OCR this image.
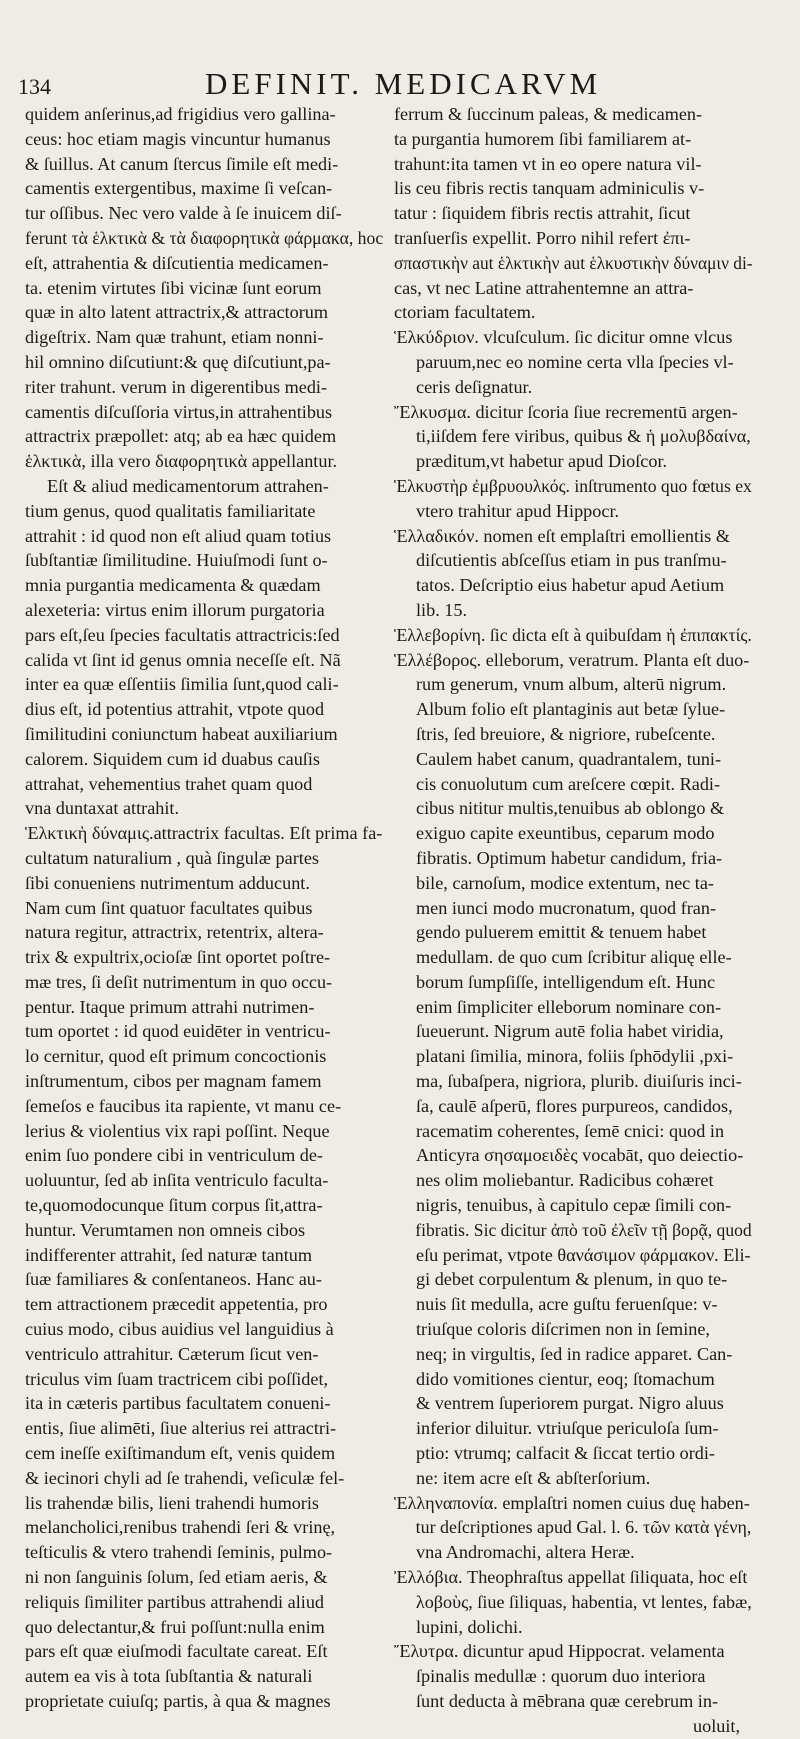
134	DEFINIT. MEDICARVM
quidem anſerinus,ad frigidius vero gallina-
ceus: hoc etiam magis vincuntur humanus
& ſuillus. At canum ſtercus ſimile eſt medi-
camentis extergentibus, maxime ſi veſcan-
tur oſſibus. Nec vero valde à ſe inuicem diſ-
ferunt τὰ ἑλκτικὰ & τὰ διαφορητικὰ φάρμακα, hoc
eſt, attrahentia & diſcutientia medicamen-
ta. etenim virtutes ſibi vicinæ ſunt eorum
quæ in alto latent attractrix,& attractorum
digeſtrix. Nam quæ trahunt, etiam nonni-
hil omnino diſcutiunt:& quę diſcutiunt,pa-
riter trahunt. verum in digerentibus medi-
camentis diſcuſſoria virtus,in attrahentibus
attractrix præpollet: atq; ab ea hæc quidem
ἑλκτικὰ, illa vero διαφορητικὰ appellantur.
Eſt & aliud medicamentorum attrahen-
tium genus, quod qualitatis familiaritate
attrahit : id quod non eſt aliud quam totius
ſubſtantiæ ſimilitudine. Huiuſmodi ſunt o-
mnia purgantia medicamenta & quædam
alexeteria: virtus enim illorum purgatoria
pars eſt,ſeu ſpecies facultatis attractricis:ſed
calida vt ſint id genus omnia neceſſe eſt. Nã
inter ea quæ eſſentiis ſimilia ſunt,quod cali-
dius eſt, id potentius attrahit, vtpote quod
ſimilitudini coniunctum habeat auxiliarium
calorem. Siquidem cum id duabus cauſis
attrahat, vehementius trahet quam quod
vna duntaxat attrahit.
Ἑλκτικὴ δύναμις.attractrix facultas. Eſt prima fa-
cultatum naturalium , quà ſingulæ partes
ſibi conueniens nutrimentum adducunt.
Nam cum ſint quatuor facultates quibus
natura regitur, attractrix, retentrix, altera-
trix & expultrix,ocioſæ ſint oportet poſtre-
mæ tres, ſi deſit nutrimentum in quo occu-
pentur. Itaque primum attrahi nutrimen-
tum oportet : id quod euidēter in ventricu-
lo cernitur, quod eſt primum concoctionis
inſtrumentum, cibos per magnam famem
ſemeſos e faucibus ita rapiente, vt manu ce-
lerius & violentius vix rapi poſſint. Neque
enim ſuo pondere cibi in ventriculum de-
uoluuntur, ſed ab inſita ventriculo faculta-
te,quomodocunque ſitum corpus ſit,attra-
huntur. Verumtamen non omneis cibos
indifferenter attrahit, ſed naturæ tantum
ſuæ familiares & conſentaneos. Hanc au-
tem attractionem præcedit appetentia, pro
cuius modo, cibus auidius vel languidius à
ventriculo attrahitur. Cæterum ſicut ven-
triculus vim ſuam tractricem cibi poſſidet,
ita in cæteris partibus facultatem conueni-
entis, ſiue alimēti, ſiue alterius rei attractri-
cem ineſſe exiſtimandum eſt, venis quidem
& iecinori chyli ad ſe trahendi, veſiculæ fel-
lis trahendæ bilis, lieni trahendi humoris
melancholici,renibus trahendi ſeri & vrinę,
teſticulis & vtero trahendi ſeminis, pulmo-
ni non ſanguinis ſolum, ſed etiam aeris, &
reliquis ſimiliter partibus attrahendi aliud
quo delectantur,& frui poſſunt:nulla enim
pars eſt quæ eiuſmodi facultate careat. Eſt
autem ea vis à tota ſubſtantia & naturali
proprietate cuiuſq; partis, à qua & magnes
ferrum & ſuccinum paleas, & medicamen-
ta purgantia humorem ſibi familiarem at-
trahunt:ita tamen vt in eo opere natura vil-
lis ceu fibris rectis tanquam adminiculis v-
tatur : ſiquidem fibris rectis attrahit, ſicut
tranſuerſis expellit. Porro nihil refert ἐπι-
σπαστικὴν aut ἑλκτικὴν aut ἑλκυστικὴν δύναμιν di-
cas, vt nec Latine attrahentemne an attra-
ctoriam facultatem.
Ἑλκύδριον. vlcuſculum. ſic dicitur omne vlcus
paruum,nec eo nomine certa vlla ſpecies vl-
ceris deſignatur.
Ἔλκυσμα. dicitur ſcoria ſiue recrementū argen-
ti,iiſdem fere viribus, quibus & ἡ μολυβδαίνα,
præditum,vt habetur apud Dioſcor.
Ἑλκυστὴρ ἐμβρυουλκός. inſtrumento quo fœtus ex
vtero trahitur apud Hippocr.
Ἑλλαδικόν. nomen eſt emplaſtri emollientis &
diſcutientis abſceſſus etiam in pus tranſmu-
tatos. Deſcriptio eius habetur apud Aetium
lib. 15.
Ἑλλεβορίνη. ſic dicta eſt à quibuſdam ἡ ἐπιπακτίς.
Ἑλλέβορος. elleborum, veratrum. Planta eſt duo-
rum generum, vnum album, alterū nigrum.
Album folio eſt plantaginis aut betæ ſylue-
ſtris, ſed breuiore, & nigriore, rubeſcente.
Caulem habet canum, quadrantalem, tuni-
cis conuolutum cum areſcere cœpit. Radi-
cibus nititur multis,tenuibus ab oblongo &
exiguo capite exeuntibus, ceparum modo
fibratis. Optimum habetur candidum, fria-
bile, carnoſum, modice extentum, nec ta-
men iunci modo mucronatum, quod fran-
gendo puluerem emittit & tenuem habet
medullam. de quo cum ſcribitur aliquę elle-
borum ſumpſiſſe, intelligendum eſt. Hunc
enim ſimpliciter elleborum nominare con-
ſueuerunt. Nigrum autē folia habet viridia,
platani ſimilia, minora, foliis ſphōdylii ,pxi-
ma, ſubaſpera, nigriora, plurib. diuiſuris inci-
ſa, caulē aſperū, flores purpureos, candidos,
racematim coherentes, ſemē cnici: quod in
Anticyra σησαμοειδὲς vocabāt, quo deiectio-
nes olim moliebantur. Radicibus cohæret
nigris, tenuibus, à capitulo cepæ ſimili con-
fibratis. Sic dicitur ἀπὸ τοῦ ἐλεῖν τῇ βορᾷ, quod
eſu perimat, vtpote θανάσιμον φάρμακον. Eli-
gi debet corpulentum & plenum, in quo te-
nuis ſit medulla, acre guſtu feruenſque: v-
triuſque coloris diſcrimen non in ſemine,
neq; in virgultis, ſed in radice apparet. Can-
dido vomitiones cientur, eoq; ſtomachum
& ventrem ſuperiorem purgat. Nigro aluus
inferior diluitur. vtriuſque periculoſa ſum-
ptio: vtrumq; calfacit & ſiccat tertio ordi-
ne: item acre eſt & abſterſorium.
Ἑλληναπονία. emplaſtri nomen cuius duę haben-
tur deſcriptiones apud Gal. l. 6. τῶν κατὰ γένη,
vna Andromachi, altera Heræ.
Ἐλλόβια. Theophraſtus appellat ſiliquata, hoc eſt
λοβοὺς, ſiue ſiliquas, habentia, vt lentes, fabæ,
lupini, dolichi.
Ἔλυτρα. dicuntur apud Hippocrat. velamenta
ſpinalis medullæ : quorum duo interiora
ſunt deducta à mēbrana quæ cerebrum in-
uoluit,
